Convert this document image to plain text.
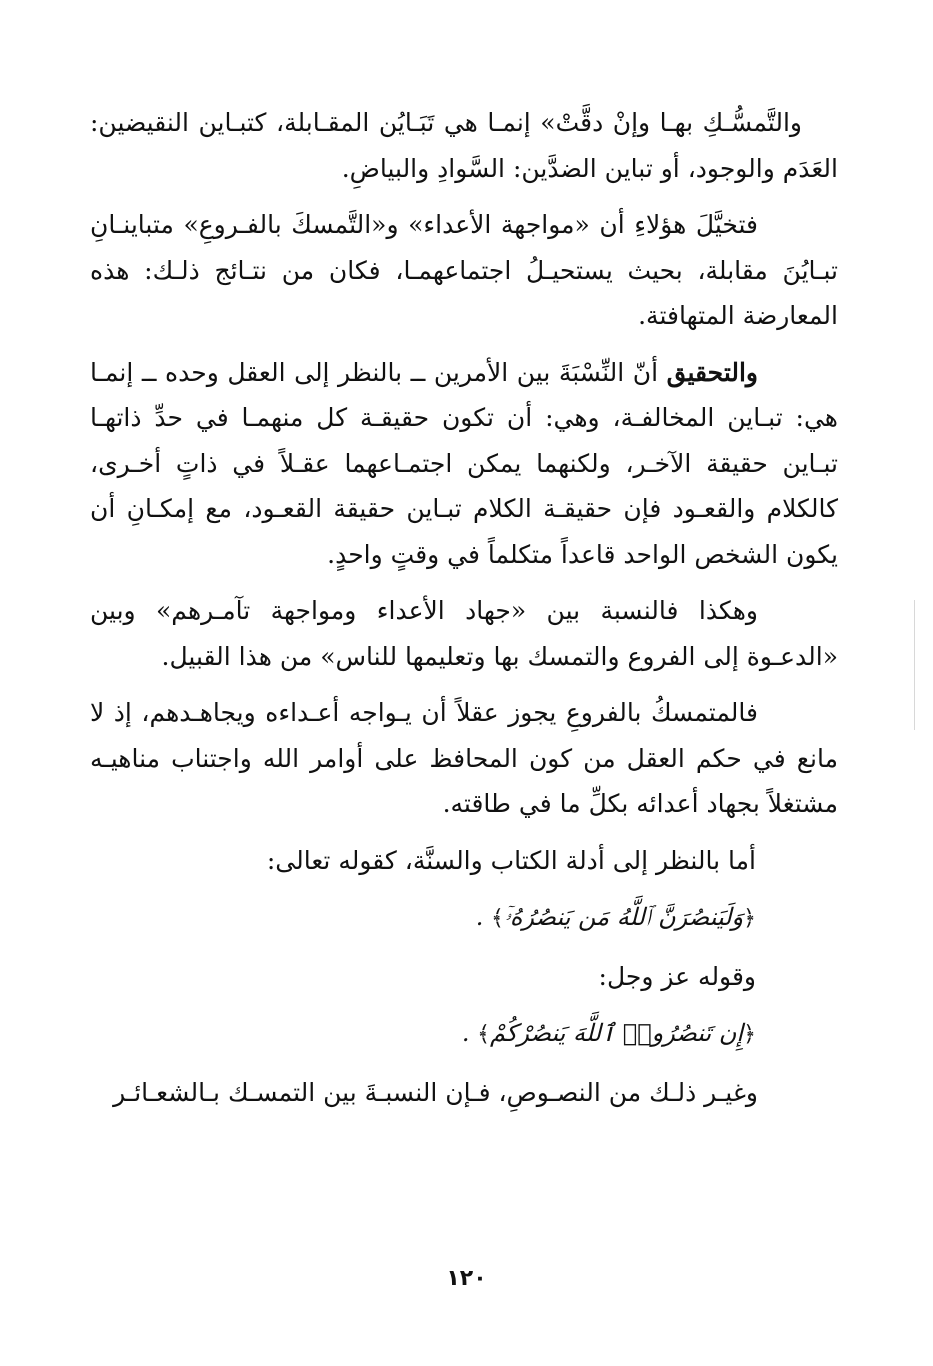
والتَّمسُّـكِ بهـا وإنْ دقَّتْ» إنمـا هي تَبَـايُن المقـابلة، كتبـاين النقيضين: العَدَم والوجود، أو تباين الضدَّين: السَّوادِ والبياضِ.

فتخيَّلَ هؤلاءِ أن «مواجهة الأعداء» و«التَّمسكَ بالفـروعِ» متباينـانِ تبـايُنَ مقابلة، بحيث يستحيـلُ اجتماعهمـا، فكان من نتـائج ذلـك: هذه المعارضة المتهافتة.

والتحقيق أنّ النِّسْبَةَ بين الأمرين ــ بالنظر إلى العقل وحده ــ إنمـا هي: تبـاين المخالفـة، وهي: أن تكون حقيقـة كل منهمـا في حدِّ ذاتهـا تبـاين حقيقة الآخـر، ولكنهما يمكن اجتمـاعهما عقـلاً في ذاتٍ أخـرى، كالكلام والقعـود فإن حقيقـة الكلام تبـاين حقيقة القعـود، مع إمكـانِ أن يكون الشخص الواحد قاعداً متكلماً في وقتٍ واحدٍ.

وهكذا فالنسبة بين «جهاد الأعداء ومواجهة تآمـرهم» وبين «الدعـوة إلى الفروع والتمسك بها وتعليمها للناس» من هذا القبيل.

فالمتمسكُ بالفروعِ يجوز عقلاً أن يـواجه أعـداءه ويجاهـدهم، إذ لا مانع في حكم العقل من كون المحافظ على أوامر الله واجتناب مناهيـه مشتغلاً بجهاد أعدائه بكلِّ ما في طاقته.

أما بالنظر إلى أدلة الكتاب والسنَّة، كقوله تعالى:

﴿وَلَيَنصُرَنَّ ٱللَّهُ مَن يَنصُرُهُۥٓ﴾ .

وقوله عز وجل:

﴿إِن تَنصُرُوا۟ ٱللَّهَ يَنصُرْكُمْ﴾ .

وغيـر ذلـك من النصـوصِ، فـإن النسبـةَ بين التمسـك بـالشعـائـر

١٢٠
